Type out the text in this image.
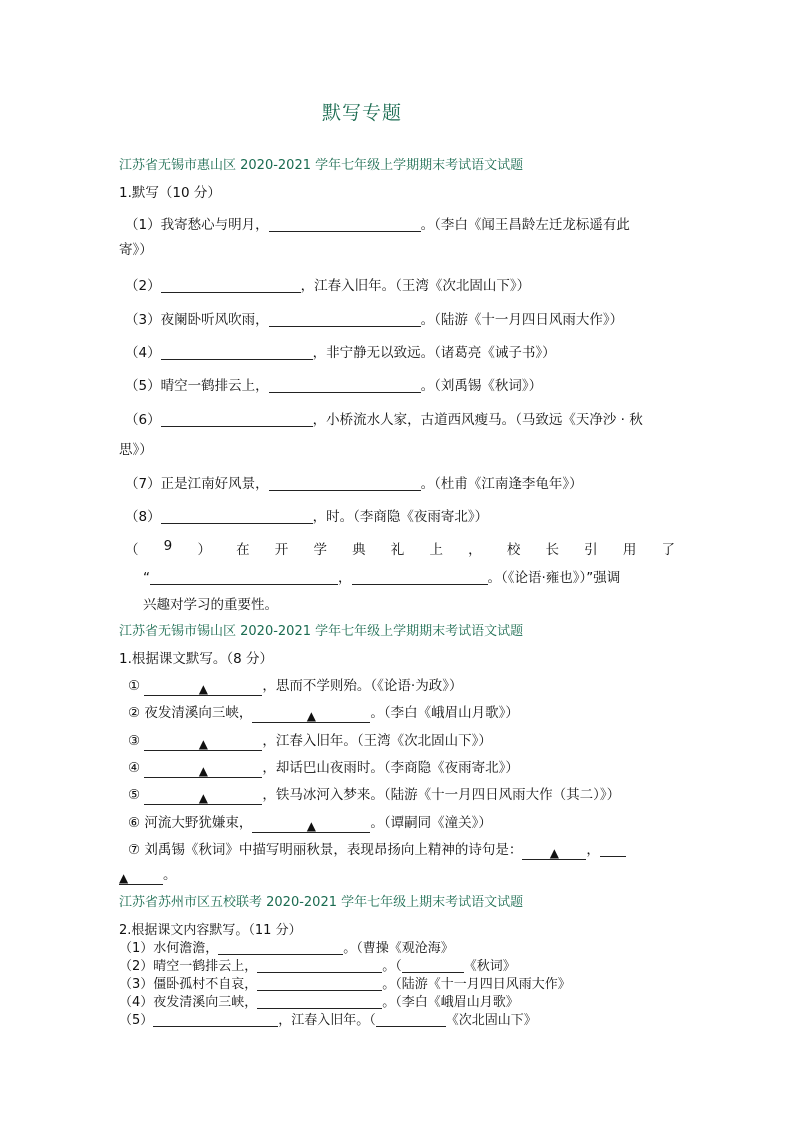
默写专题
江苏省无锡市惠山区 2020-2021 学年七年级上学期期末考试语文试题
1.默写（10 分）
（1）我寄愁心与明月，	。（李白《闻王昌龄左迁龙标遥有此
寄》）
（2）	，江春入旧年。（王湾《次北固山下》）
（3）夜阑卧听风吹雨，	。（陆游《十一月四日风雨大作》）
（4）	，非宁静无以致远。（诸葛亮《诫子书》）
（5）晴空一鹤排云上，	。（刘禹锡《秋词》）
（6）	，小桥流水人家，古道西风瘦马。（马致远《天净沙 · 秋
思》）
（7）正是江南好风景，	。（杜甫《江南逢李龟年》）
（8）	，时。（李商隐《夜雨寄北》）
（ 9 ） 在 开 学 典 礼 上 ， 校 长 引 用 了
“	，	。（《论语·雍也》）”强调
兴趣对学习的重要性。
江苏省无锡市锡山区 2020-2021 学年七年级上学期期末考试语文试题
1.根据课文默写。（8 分）
①	▲	，思而不学则殆。（《论语·为政》）
② 夜发清溪向三峡，	▲	。（李白《峨眉山月歌》）
③	▲	，江春入旧年。（王湾《次北固山下》）
④	▲	，却话巴山夜雨时。（李商隐《夜雨寄北》）
⑤	▲	，铁马冰河入梦来。（陆游《十一月四日风雨大作（其二）》）
⑥ 河流大野犹嫌束，	▲	。（谭嗣同《潼关》）
⑦ 刘禹锡《秋词》中描写明丽秋景，表现昂扬向上精神的诗句是： ▲ ，
▲	。
江苏省苏州市区五校联考 2020-2021 学年七年级上期末考试语文试题
2.根据课文内容默写。（11 分）
（1）水何澹澹，	。（曹操《观沧海》
（2）晴空一鹤排云上，	。（	《秋词》
（3）僵卧孤村不自哀，	。（陆游《十一月四日风雨大作》
（4）夜发清溪向三峡，	。（李白《峨眉山月歌》
（5）	，江春入旧年。（	《次北固山下》
